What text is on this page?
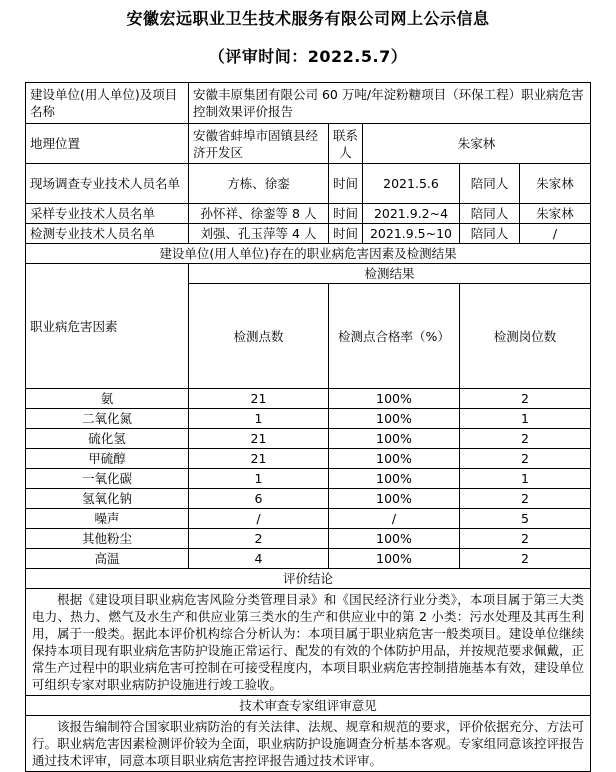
安徽宏远职业卫生技术服务有限公司网上公示信息
（评审时间：2022.5.7）
建设单位(用人单位)及项目名称	安徽丰原集团有限公司 60 万吨/年淀粉糖项目（环保工程）职业病危害控制效果评价报告					
地理位置	安徽省蚌埠市固镇县经济开发区	联系人	朱家林			
现场调查专业技术人员名单	方栋、徐銮	时间	2021.5.6	陪同人	朱家林	
采样专业技术人员名单	孙怀祥、徐銮等 8 人	时间	2021.9.2~4	陪同人	朱家林	
检测专业技术人员名单	刘强、孔玉萍等 4 人	时间	2021.9.5~10	陪同人	/	
建设单位(用人单位)存在的职业病危害因素及检测结果						
职业病危害因素	检测结果					
	检测点数	检测点合格率（%）		检测岗位数	
氨	21	100%		2	
二氧化氮	1	100%		1	
硫化氢	21	100%		2	
甲硫醇	21	100%		2	
一氧化碳	1	100%		1	
氢氧化钠	6	100%		2	
噪声	/	/		5	
其他粉尘	2	100%		2	
高温	4	100%		2	
评价结论						
根据《建设项目职业病危害风险分类管理目录》和《国民经济行业分类》，本项目属于第三大类电力、热力、燃气及水生产和供应业第三类水的生产和供应业中的第 2 小类：污水处理及其再生利用，属于一般类。据此本评价机构综合分析认为：本项目属于职业病危害一般类项目。建设单位继续保持本项目现有职业病危害防护设施正常运行、配发的有效的个体防护用品，并按规范要求佩戴，正常生产过程中的职业病危害可控制在可接受程度内，本项目职业病危害控制措施基本有效，建设单位可组织专家对职业病防护设施进行竣工验收。						
技术审查专家组评审意见						
该报告编制符合国家职业病防治的有关法律、法规、规章和规范的要求，评价依据充分、方法可行。职业病危害因素检测评价较为全面，职业病防护设施调查分析基本客观。专家组同意该控评报告通过技术评审，同意本项目职业病危害控评报告通过技术评审。						
